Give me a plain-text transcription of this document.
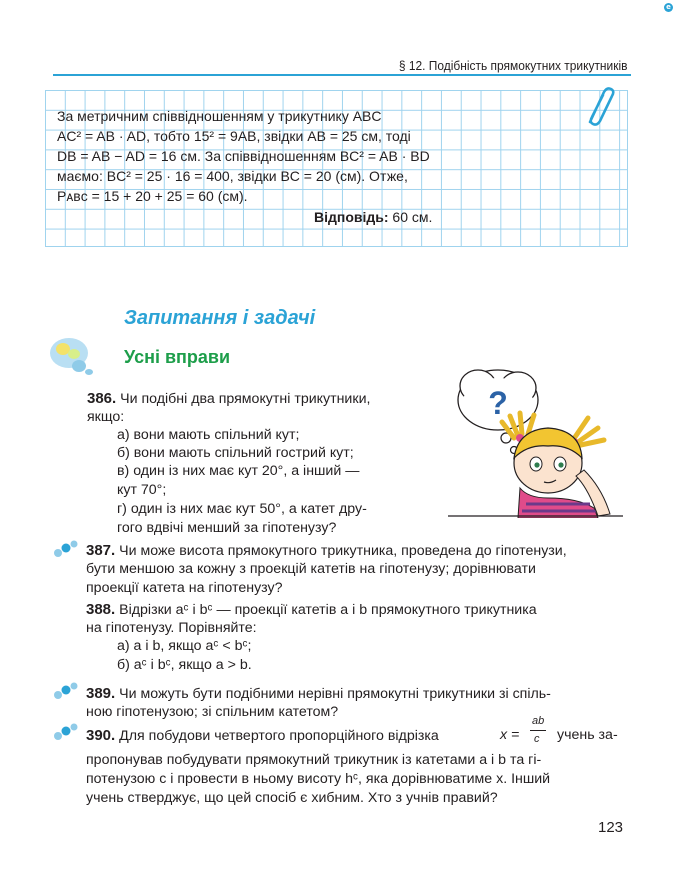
e
§ 12. Подібність прямокутних трикутників
За метричним співвідношенням у трикутнику ABC
AC² = AB · AD, тобто 15² = 9AB, звідки AB = 25 см, тоді
DB = AB − AD = 16 см. За співвідношенням BC² = AB · BD
маємо: BC² = 25 · 16 = 400, звідки BC = 20 (см). Отже,
Pᴀʙᴄ = 15 + 20 + 25 = 60 (см).
Відповідь: 60 см.
Запитання і задачі
Усні вправи
?
386. Чи подібні два прямокутні трикутники,
якщо:
а) вони мають спільний кут;
б) вони мають спільний гострий кут;
в) один із них має кут 20°, а інший —
кут 70°;
г) один із них має кут 50°, а катет дру-
гого вдвічі менший за гіпотенузу?
387. Чи може висота прямокутного трикутника, проведена до гіпотенузи,
бути меншою за кожну з проекцій катетів на гіпотенузу; дорівнювати
проекції катета на гіпотенузу?
388. Відрізки aᶜ і bᶜ — проекції катетів a і b прямокутного трикутника
на гіпотенузу. Порівняйте:
а) a і b, якщо aᶜ < bᶜ;
б) aᶜ і bᶜ, якщо a > b.
389. Чи можуть бути подібними нерівні прямокутні трикутники зі спіль-
ною гіпотенузою; зі спільним катетом?
390. Для побудови четвертого пропорційного відрізка	x =
ab
c учень за-
пропонував побудувати прямокутний трикутник із катетами a і b та гі-
потенузою c і провести в ньому висоту hᶜ, яка дорівнюватиме x. Інший
учень стверджує, що цей спосіб є хибним. Хто з учнів правий?
123
